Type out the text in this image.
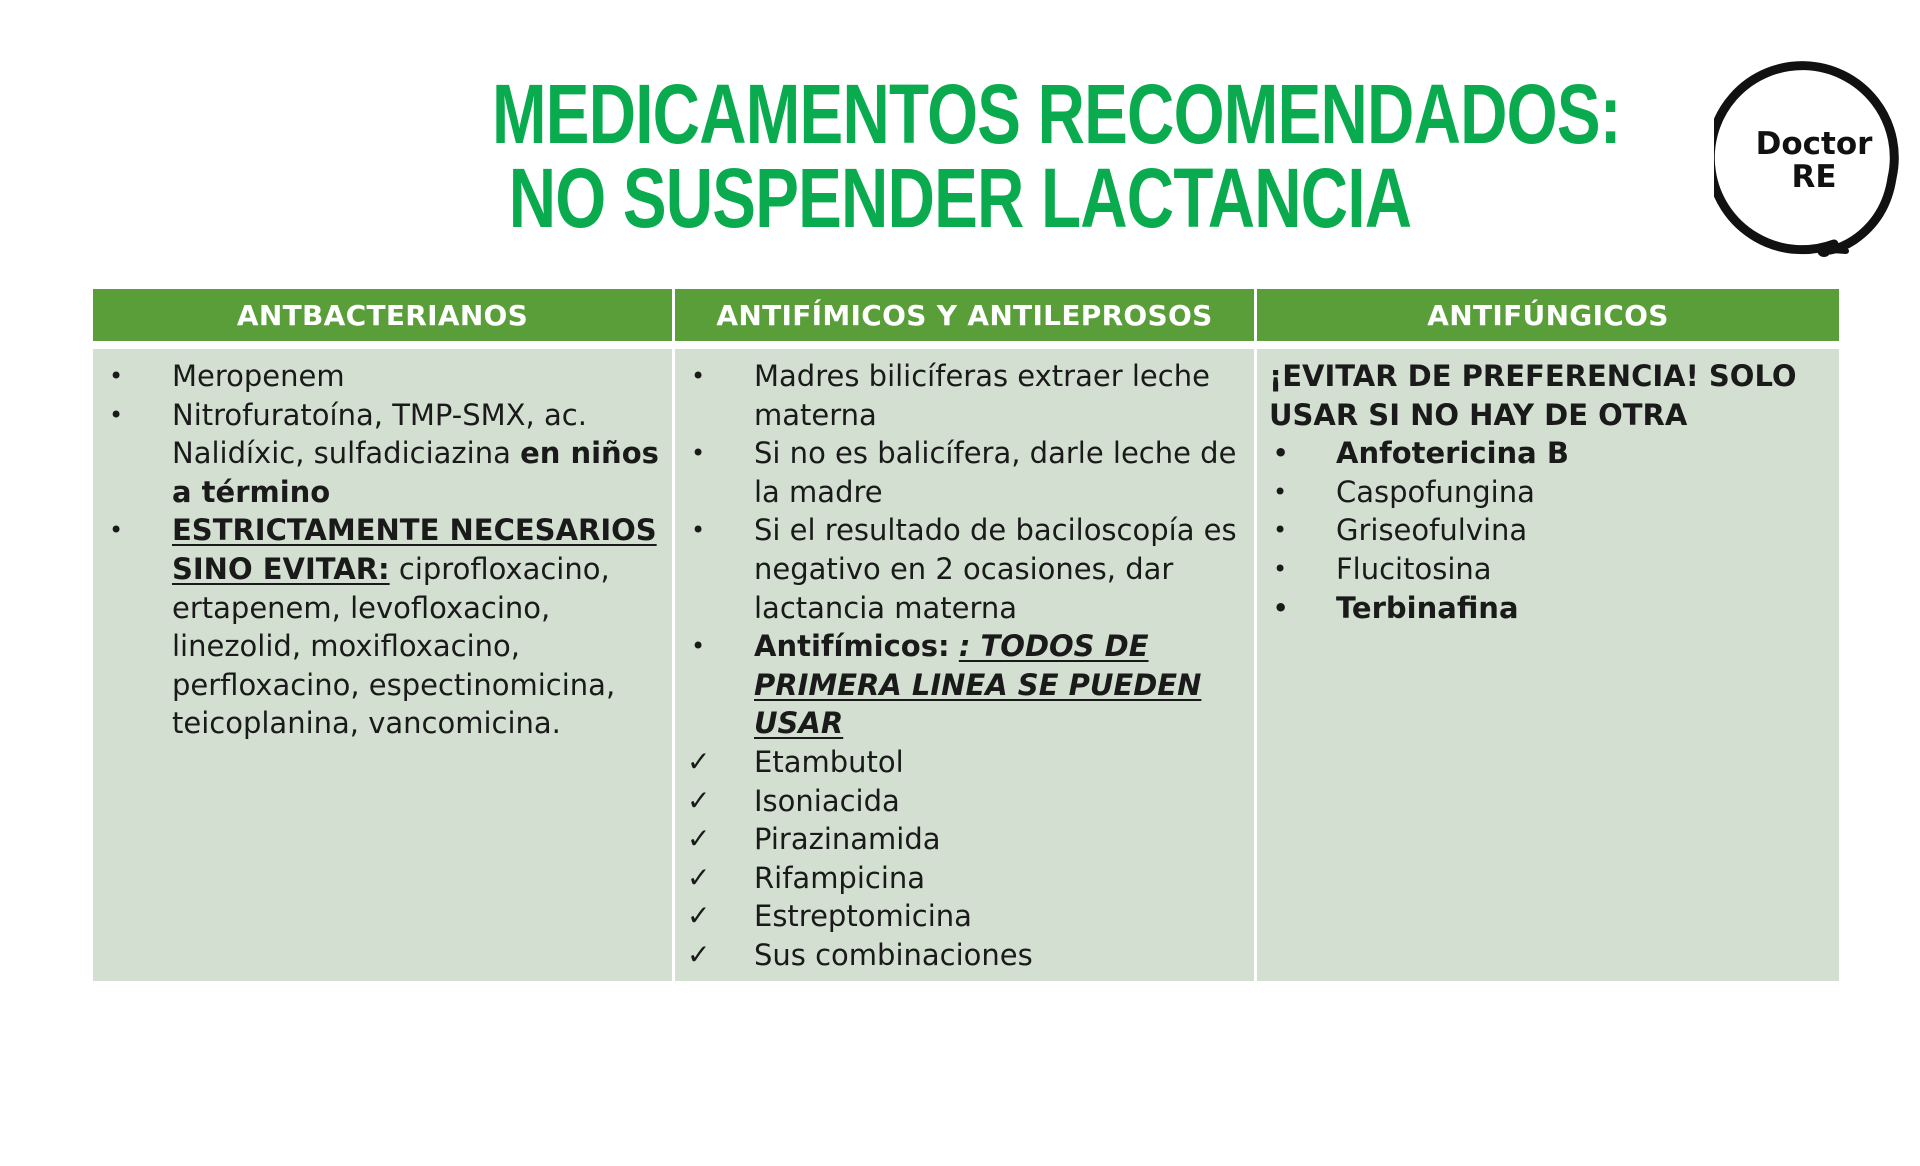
MEDICAMENTOS RECOMENDADOS:
NO SUSPENDER LACTANCIA
Doctor
RE
ANTBACTERIANOS	ANTIFÍMICOS Y ANTILEPROSOS	ANTIFÚNGICOS
• Meropenem
• Nitrofuratoína, TMP-SMX, ac. Nalidíxic, sulfadiciazina en niños a término
• ESTRICTAMENTE NECESARIOS SINO EVITAR: ciprofloxacino, ertapenem, levofloxacino, linezolid, moxifloxacino, perfloxacino, espectinomicina, teicoplanina, vancomicina.
• Madres bilicíferas extraer leche materna
• Si no es balicífera, darle leche de la madre
• Si el resultado de baciloscopía es negativo en 2 ocasiones, dar lactancia materna
• Antifímicos: : TODOS DE PRIMERA LINEA SE PUEDEN USAR
✓ Etambutol
✓ Isoniacida
✓ Pirazinamida
✓ Rifampicina
✓ Estreptomicina
✓ Sus combinaciones
¡EVITAR DE PREFERENCIA! SOLO USAR SI NO HAY DE OTRA
• Anfotericina B
• Caspofungina
• Griseofulvina
• Flucitosina
• Terbinafina
